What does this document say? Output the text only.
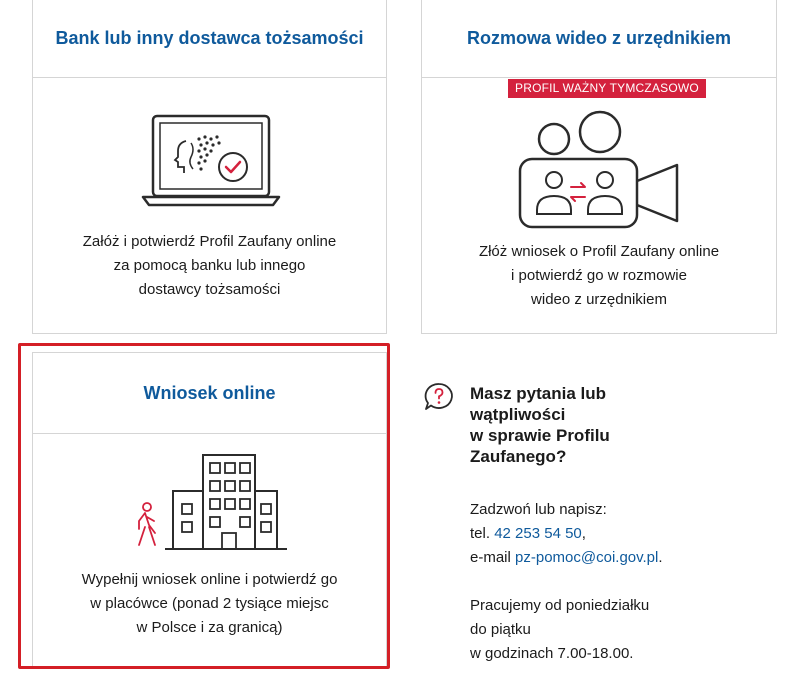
Bank lub inny dostawca tożsamości
Załóż i potwierdź Profil Zaufany online
za pomocą banku lub innego
dostawcy tożsamości
Rozmowa wideo z urzędnikiem
PROFIL WAŻNY TYMCZASOWO
Złóż wniosek o Profil Zaufany online
i potwierdź go w rozmowie
wideo z urzędnikiem
Wniosek online
Wypełnij wniosek online i potwierdź go
w placówce (ponad 2 tysiące miejsc
w Polsce i za granicą)
Masz pytania lub
wątpliwości
w sprawie Profilu
Zaufanego?
Zadzwoń lub napisz:
tel. 42 253 54 50,
e-mail pz-pomoc@coi.gov.pl.
Pracujemy od poniedziałku
do piątku
w godzinach 7.00-18.00.
